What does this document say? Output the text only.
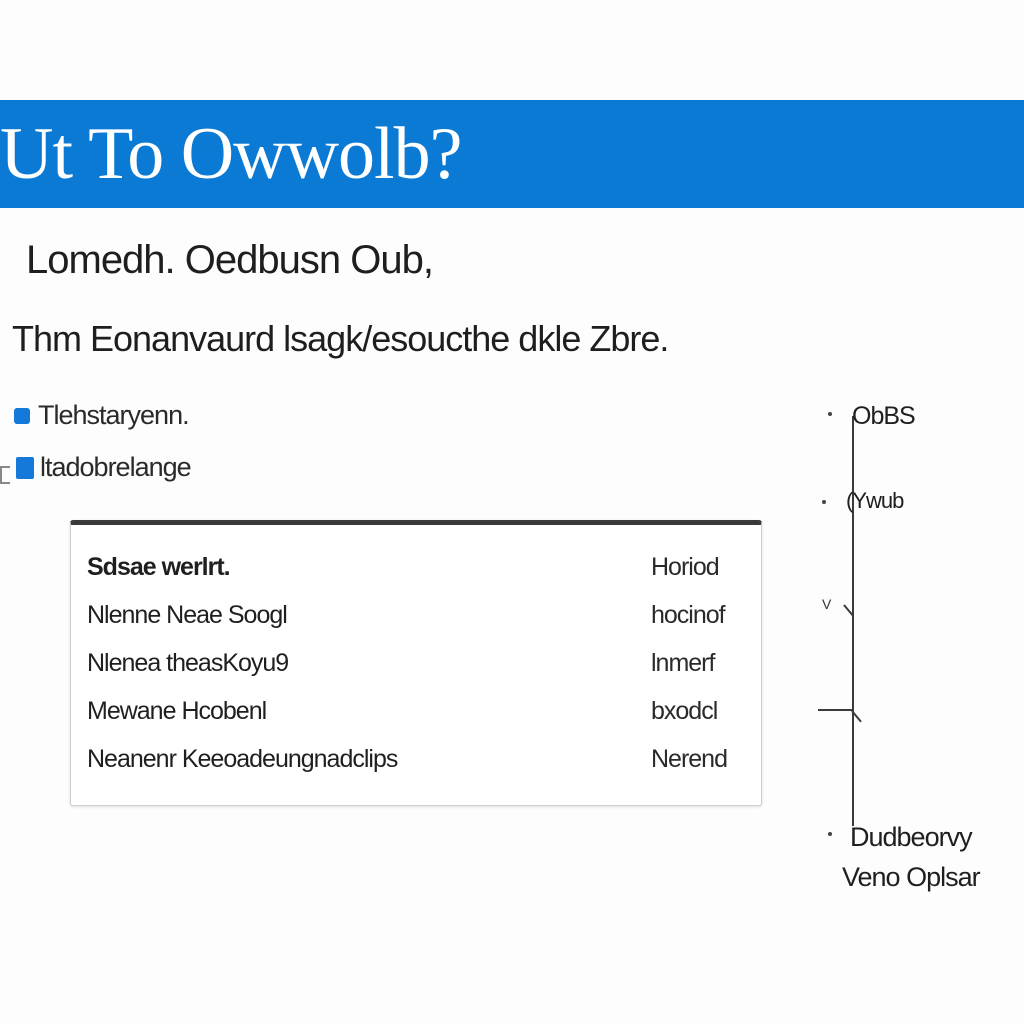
Ut To Owwolb?
Lomedh. Oedbusn Oub,
Thm Eonanvaurd lsagk/esoucthe dkle Zbre.
Tlehstaryenn.
ltadobrelange
Sdsae werlrt.	Horiod
Nlenne Neae Soogl	hocinof
Nlenea theasKoyu9	lnmerf
Mewane Hcobenl	bxodcl
Neanenr Keeoadeungnadclips	Nerend
ObBS
(Ywub
V
Dudbeorvy
Veno Oplsar
